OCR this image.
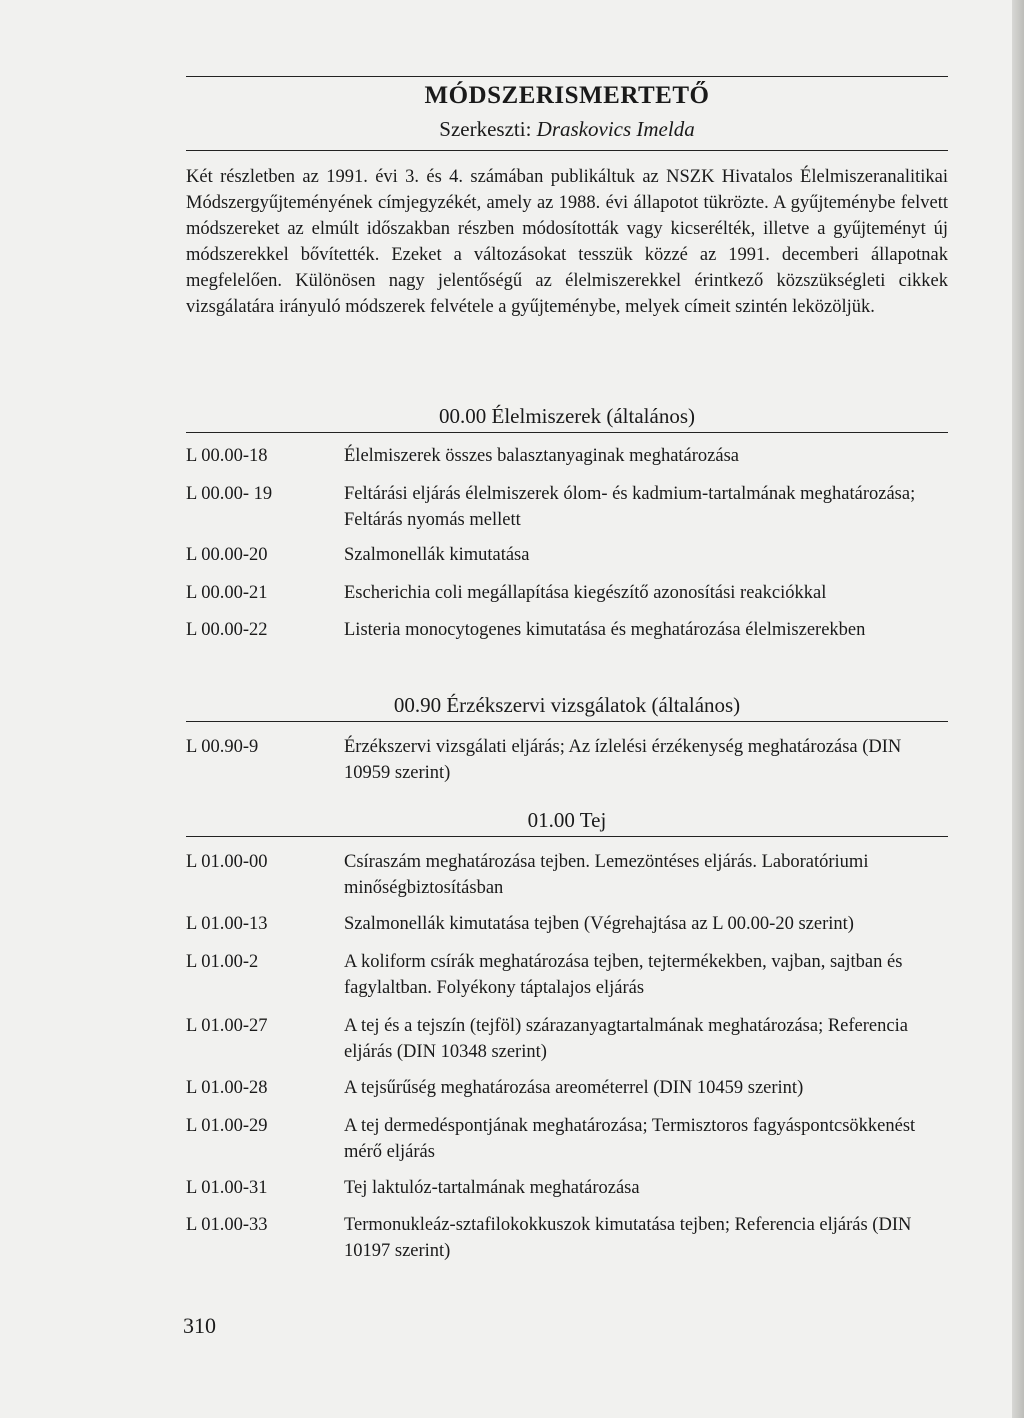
MÓDSZERISMERTETŐ
Szerkeszti: Draskovics Imelda

Két részletben az 1991. évi 3. és 4. számában publikáltuk az NSZK Hivatalos Élelmiszeranalitikai Módszergyűjteményének címjegyzékét, amely az 1988. évi állapotot tükrözte. A gyűjteménybe felvett módszereket az elmúlt időszakban részben módosították vagy kicserélték, illetve a gyűjteményt új módszerekkel bővítették. Ezeket a változásokat tesszük közzé az 1991. decemberi állapotnak megfelelően. Különösen nagy jelentőségű az élelmiszerekkel érintkező közszükségleti cikkek vizsgálatára irányuló módszerek felvétele a gyűjteménybe, melyek címeit szintén leközöljük.

00.00 Élelmiszerek (általános)
L 00.00-18	Élelmiszerek összes balasztanyaginak meghatározása
L 00.00- 19	Feltárási eljárás élelmiszerek ólom- és kadmium-tartalmának meghatározása; Feltárás nyomás mellett
L 00.00-20	Szalmonellák kimutatása
L 00.00-21	Escherichia coli megállapítása kiegészítő azonosítási reakciókkal
L 00.00-22	Listeria monocytogenes kimutatása és meghatározása élelmiszerekben
00.90 Érzékszervi vizsgálatok (általános)
L 00.90-9	Érzékszervi vizsgálati eljárás; Az ízlelési érzékenység meghatározása (DIN 10959 szerint)
01.00 Tej
L 01.00-00	Csíraszám meghatározása tejben. Lemezöntéses eljárás. Laboratóriumi minőségbiztosításban
L 01.00-13	Szalmonellák kimutatása tejben (Végrehajtása az L 00.00-20 szerint)
L 01.00-2	A koliform csírák meghatározása tejben, tejtermékekben, vajban, sajtban és fagylaltban. Folyékony táptalajos eljárás
L 01.00-27	A tej és a tejszín (tejföl) szárazanyagtartalmának meghatározása; Referencia eljárás (DIN 10348 szerint)
L 01.00-28	A tejsűrűség meghatározása areométerrel (DIN 10459 szerint)
L 01.00-29	A tej dermedéspontjának meghatározása; Termisztoros fagyáspontcsökkenést mérő eljárás
L 01.00-31	Tej laktulóz-tartalmának meghatározása
L 01.00-33	Termonukleáz-sztafilokokkuszok kimutatása tejben; Referencia eljárás (DIN 10197 szerint)
310
